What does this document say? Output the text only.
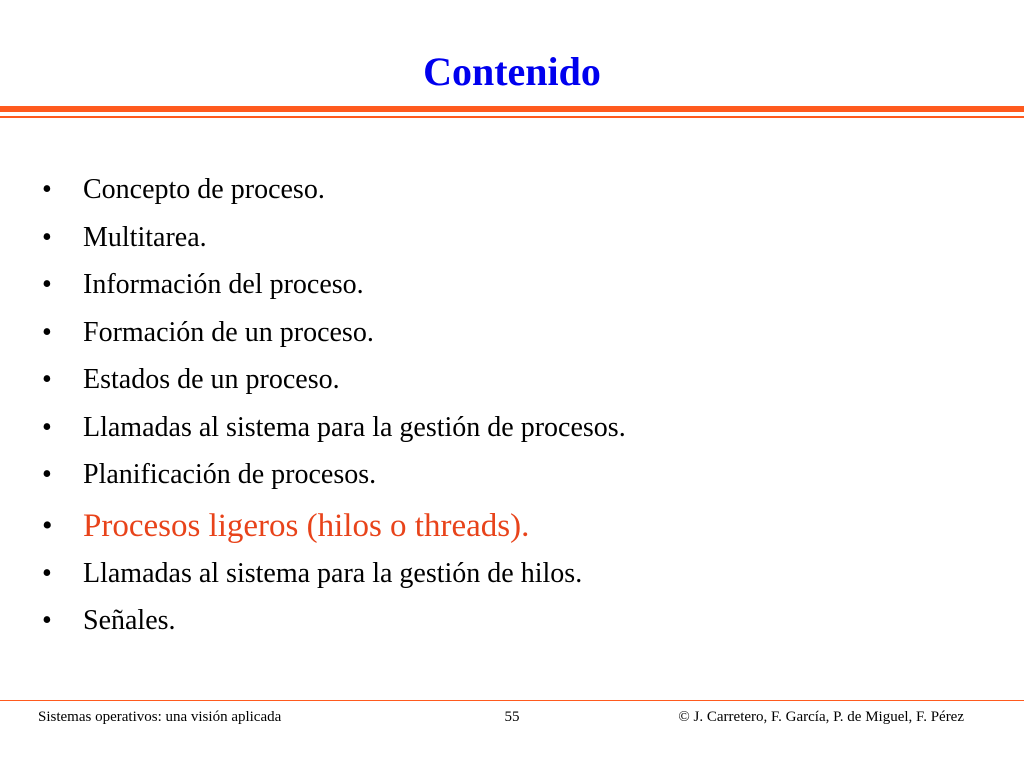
Contenido
• Concepto de proceso.
• Multitarea.
• Información del proceso.
• Formación de un proceso.
• Estados de un proceso.
• Llamadas al sistema para la gestión de procesos.
• Planificación de procesos.
• Procesos ligeros (hilos o threads).
• Llamadas al sistema para la gestión de hilos.
• Señales.
Sistemas operativos: una visión aplicada	55	© J. Carretero, F. García, P. de Miguel, F. Pérez
